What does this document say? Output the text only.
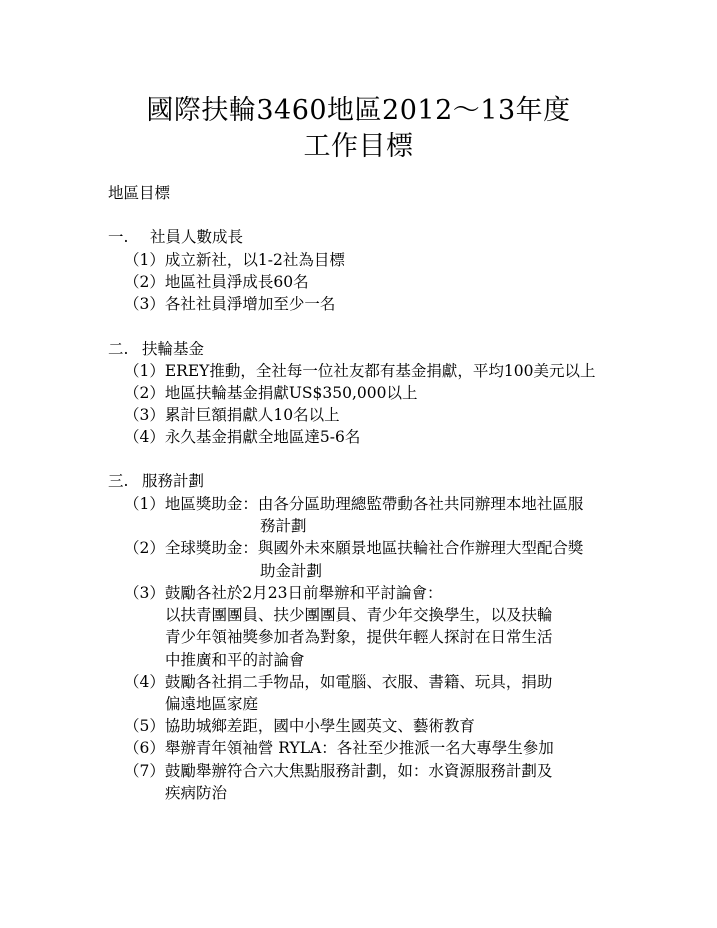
國際扶輪3460地區2012～13年度
工作目標
地區目標
一. 社員人數成長
（1）成立新社，以1-2社為目標
（2）地區社員淨成長60名
（3）各社社員淨增加至少一名
二. 扶輪基金
（1）EREY推動，全社每一位社友都有基金捐獻，平均100美元以上
（2）地區扶輪基金捐獻US$350,000以上
（3）累計巨額捐獻人10名以上
（4）永久基金捐獻全地區達5-6名
三. 服務計劃
（1）地區獎助金：由各分區助理總監帶動各社共同辦理本地社區服
務計劃
（2）全球獎助金：與國外未來願景地區扶輪社合作辦理大型配合獎
助金計劃
（3）鼓勵各社於2月23日前舉辦和平討論會：
以扶青團團員、扶少團團員、青少年交換學生，以及扶輪
青少年領袖獎參加者為對象，提供年輕人探討在日常生活
中推廣和平的討論會
（4）鼓勵各社捐二手物品，如電腦、衣服、書籍、玩具，捐助
偏遠地區家庭
（5）協助城鄉差距，國中小學生國英文、藝術教育
（6）舉辦青年領袖營 RYLA：各社至少推派一名大專學生參加
（7）鼓勵舉辦符合六大焦點服務計劃，如：水資源服務計劃及
疾病防治
